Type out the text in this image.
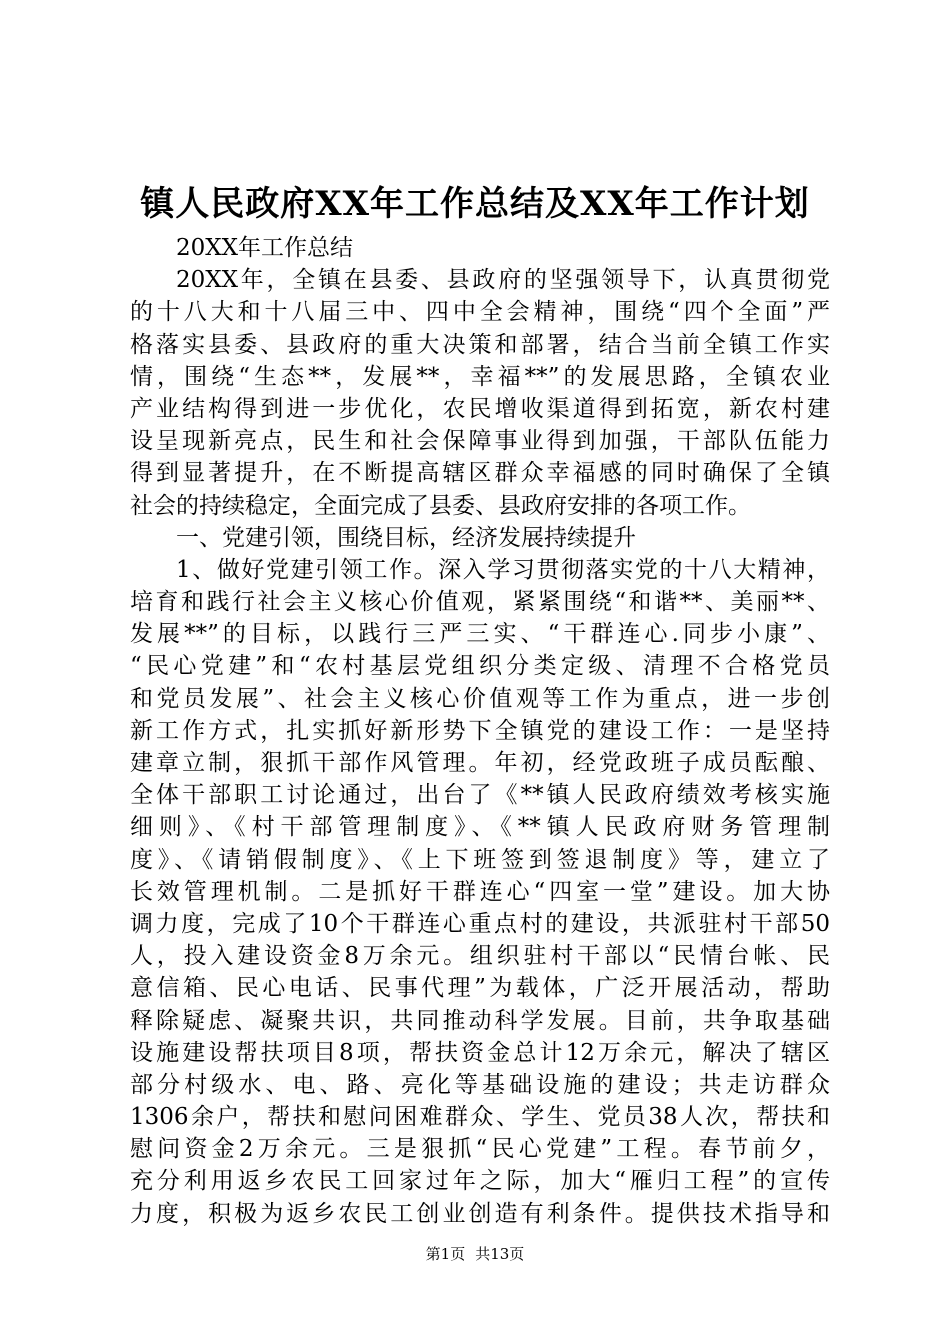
镇人民政府XX年工作总结及XX年工作计划
20XX年工作总结
20XX年，全镇在县委、县政府的坚强领导下，认真贯彻党
的十八大和十八届三中、四中全会精神，围绕“四个全面”严
格落实县委、县政府的重大决策和部署，结合当前全镇工作实
情，围绕“生态**，发展**，幸福**”的发展思路，全镇农业
产业结构得到进一步优化，农民增收渠道得到拓宽，新农村建
设呈现新亮点，民生和社会保障事业得到加强，干部队伍能力
得到显著提升，在不断提高辖区群众幸福感的同时确保了全镇
社会的持续稳定，全面完成了县委、县政府安排的各项工作。
一、党建引领，围绕目标，经济发展持续提升
1、做好党建引领工作。深入学习贯彻落实党的十八大精神，
培育和践行社会主义核心价值观，紧紧围绕“和谐**、美丽**、
发展**”的目标，以践行三严三实、“干群连心.同步小康”、
“民心党建”和“农村基层党组织分类定级、清理不合格党员
和党员发展”、社会主义核心价值观等工作为重点，进一步创
新工作方式，扎实抓好新形势下全镇党的建设工作：一是坚持
建章立制，狠抓干部作风管理。年初，经党政班子成员酝酿、
全体干部职工讨论通过，出台了《**镇人民政府绩效考核实施
细则》、《村干部管理制度》、《**镇人民政府财务管理制
度》、《请销假制度》、《上下班签到签退制度》等，建立了
长效管理机制。二是抓好干群连心“四室一堂”建设。加大协
调力度，完成了10个干群连心重点村的建设，共派驻村干部50
人，投入建设资金8万余元。组织驻村干部以“民情台帐、民
意信箱、民心电话、民事代理”为载体，广泛开展活动，帮助
释除疑虑、凝聚共识，共同推动科学发展。目前，共争取基础
设施建设帮扶项目8项，帮扶资金总计12万余元，解决了辖区
部分村级水、电、路、亮化等基础设施的建设；共走访群众
1306余户，帮扶和慰问困难群众、学生、党员38人次，帮扶和
慰问资金2万余元。三是狠抓“民心党建”工程。春节前夕，
充分利用返乡农民工回家过年之际，加大“雁归工程”的宣传
力度，积极为返乡农民工创业创造有利条件。提供技术指导和
第1页 共13页
